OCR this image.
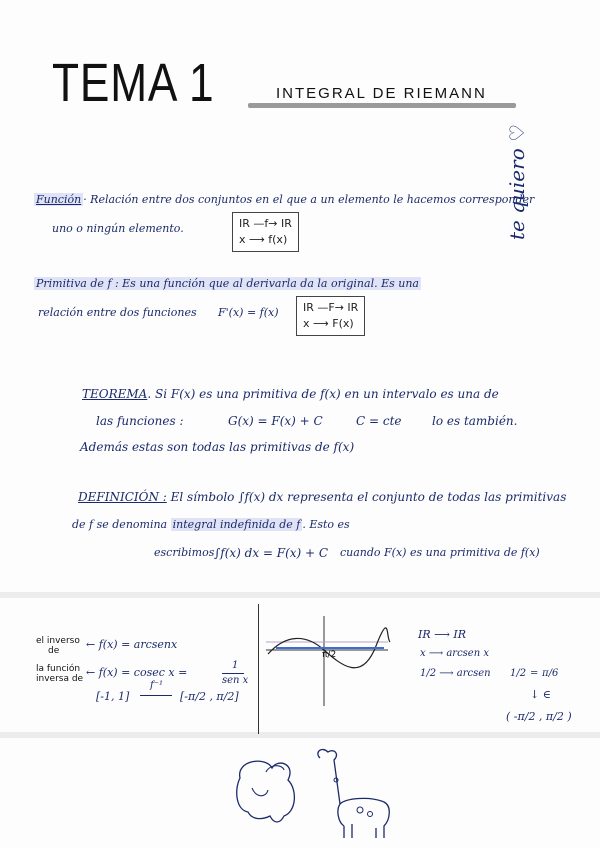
TEMA 1	INTEGRAL DE RIEMANN
Función · Relación entre dos conjuntos en el que a un elemento le hacemos corresponder
uno o ningún elemento.	IR —f→ IR
x ⟶ f(x)
Primitiva de f : Es una función que al derivarla da la original. Es una
relación entre dos funciones F'(x) = f(x) IR —F→ IR
x ⟶ F(x)
te quiero ♡
TEOREMA. Si F(x) es una primitiva de f(x) en un intervalo es una de
las funciones :	G(x) = F(x) + C	C = cte	lo es también.
Además estas son todas las primitivas de f(x)
DEFINICIÓN : El símbolo ∫f(x) dx representa el conjunto de todas las primitivas
de f se denomina integral indefinida de f . Esto es
escribimos ∫f(x) dx = F(x) + C cuando F(x) es una primitiva de f(x)
el inverso
de ← f(x) = arcsenx
la función
inversa de ← f(x) = cosec x =
1
sen x
[-1, 1]
f⁻¹
[-π/2 , π/2]
π/2
IR ⟶ IR
x ⟶ arcsen x
1/2 ⟶ arcsen 1/2 = π/6
↓ ∈
( -π/2 , π/2 )
